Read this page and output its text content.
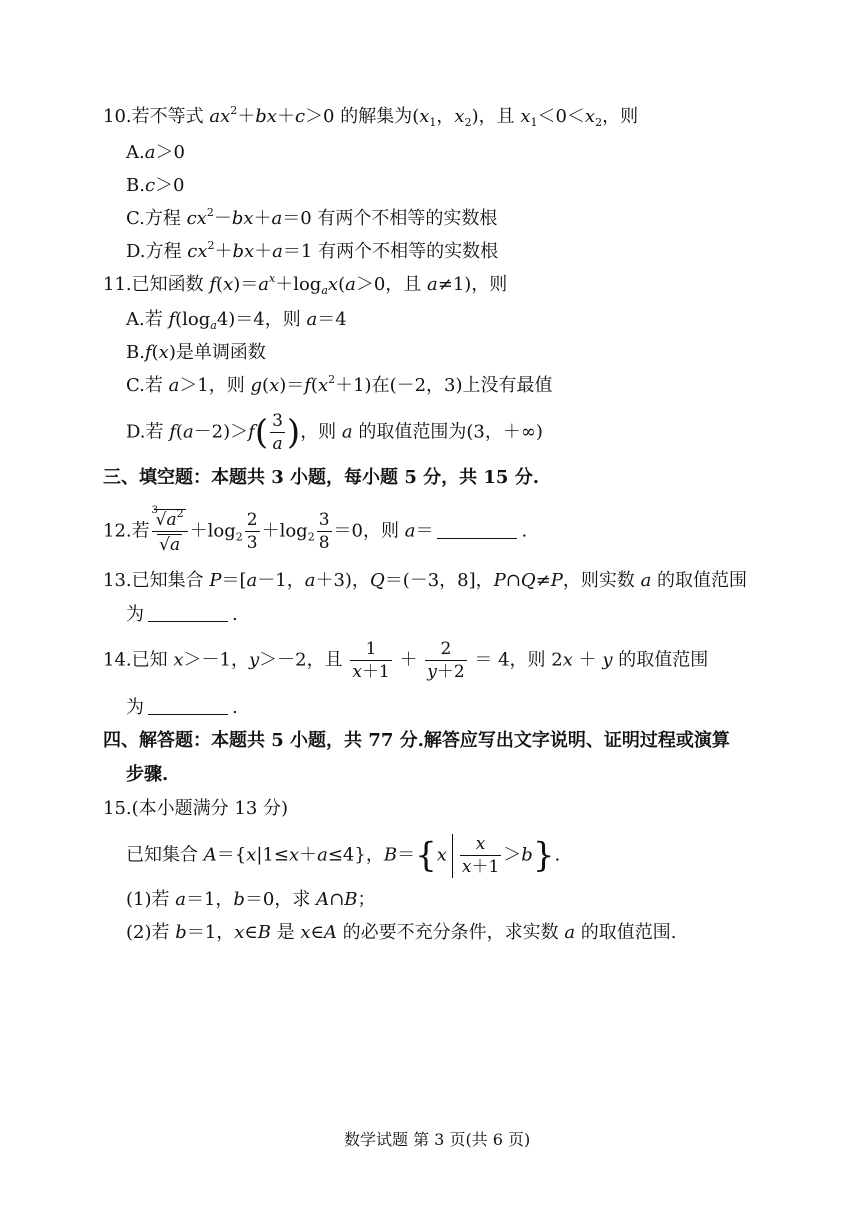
10.若不等式 $ax^2+bx+c>0$ 的解集为($x_1$，$x_2$)，且 $x_1<0<x_2$，则
A.a＞0
B.c＞0
C.方程 $cx^2-bx+a=0$ 有两个不相等的实数根
D.方程 $cx^2+bx+a=1$ 有两个不相等的实数根
11.已知函数 $f(x)=a^x+\log_ax(a>0$，且 a≠1)，则
A.若 $f(\log_a4)=4$，则 a＝4
B.f(x)是单调函数
C.若 a＞1，则 $g(x)=f(x^2+1)$在(－2，3)上没有最值
D.若 $f(a-2)>f( \frac{3}{a}$ )，则 a 的取值范围为(3，＋∞)
三、填空题：本题共 3 小题，每小题 5 分，共 15 分.
12.若 3
$√a^2$
$√a +\log_2 \frac{2}{3} +\log_2 \frac{3}{8} =0$，则 a＝	.
13.已知集合 P＝[a－1，a＋3)，Q＝(－3，8]，P∩Q≠P，则实数 a 的取值范围
为	.
14.已知 x＞－1，y＞－2，且 $\frac{1}{x+1} + \frac{2}{y+2} = 4$，则 2x ＋ y 的取值范围
为	.
四、解答题：本题共 5 小题，共 77 分.解答应写出文字说明、证明过程或演算
步骤.
15.(本小题满分 13 分)
已知集合 A＝{x|1≤x＋a≤4}，$B=\{x \frac{x}{x+1} >b\}$.
(1)若 a＝1，b＝0，求 A∩B；
(2)若 b＝1，x∈B 是 x∈A 的必要不充分条件，求实数 a 的取值范围.
数学试题 第 3 页(共 6 页)
